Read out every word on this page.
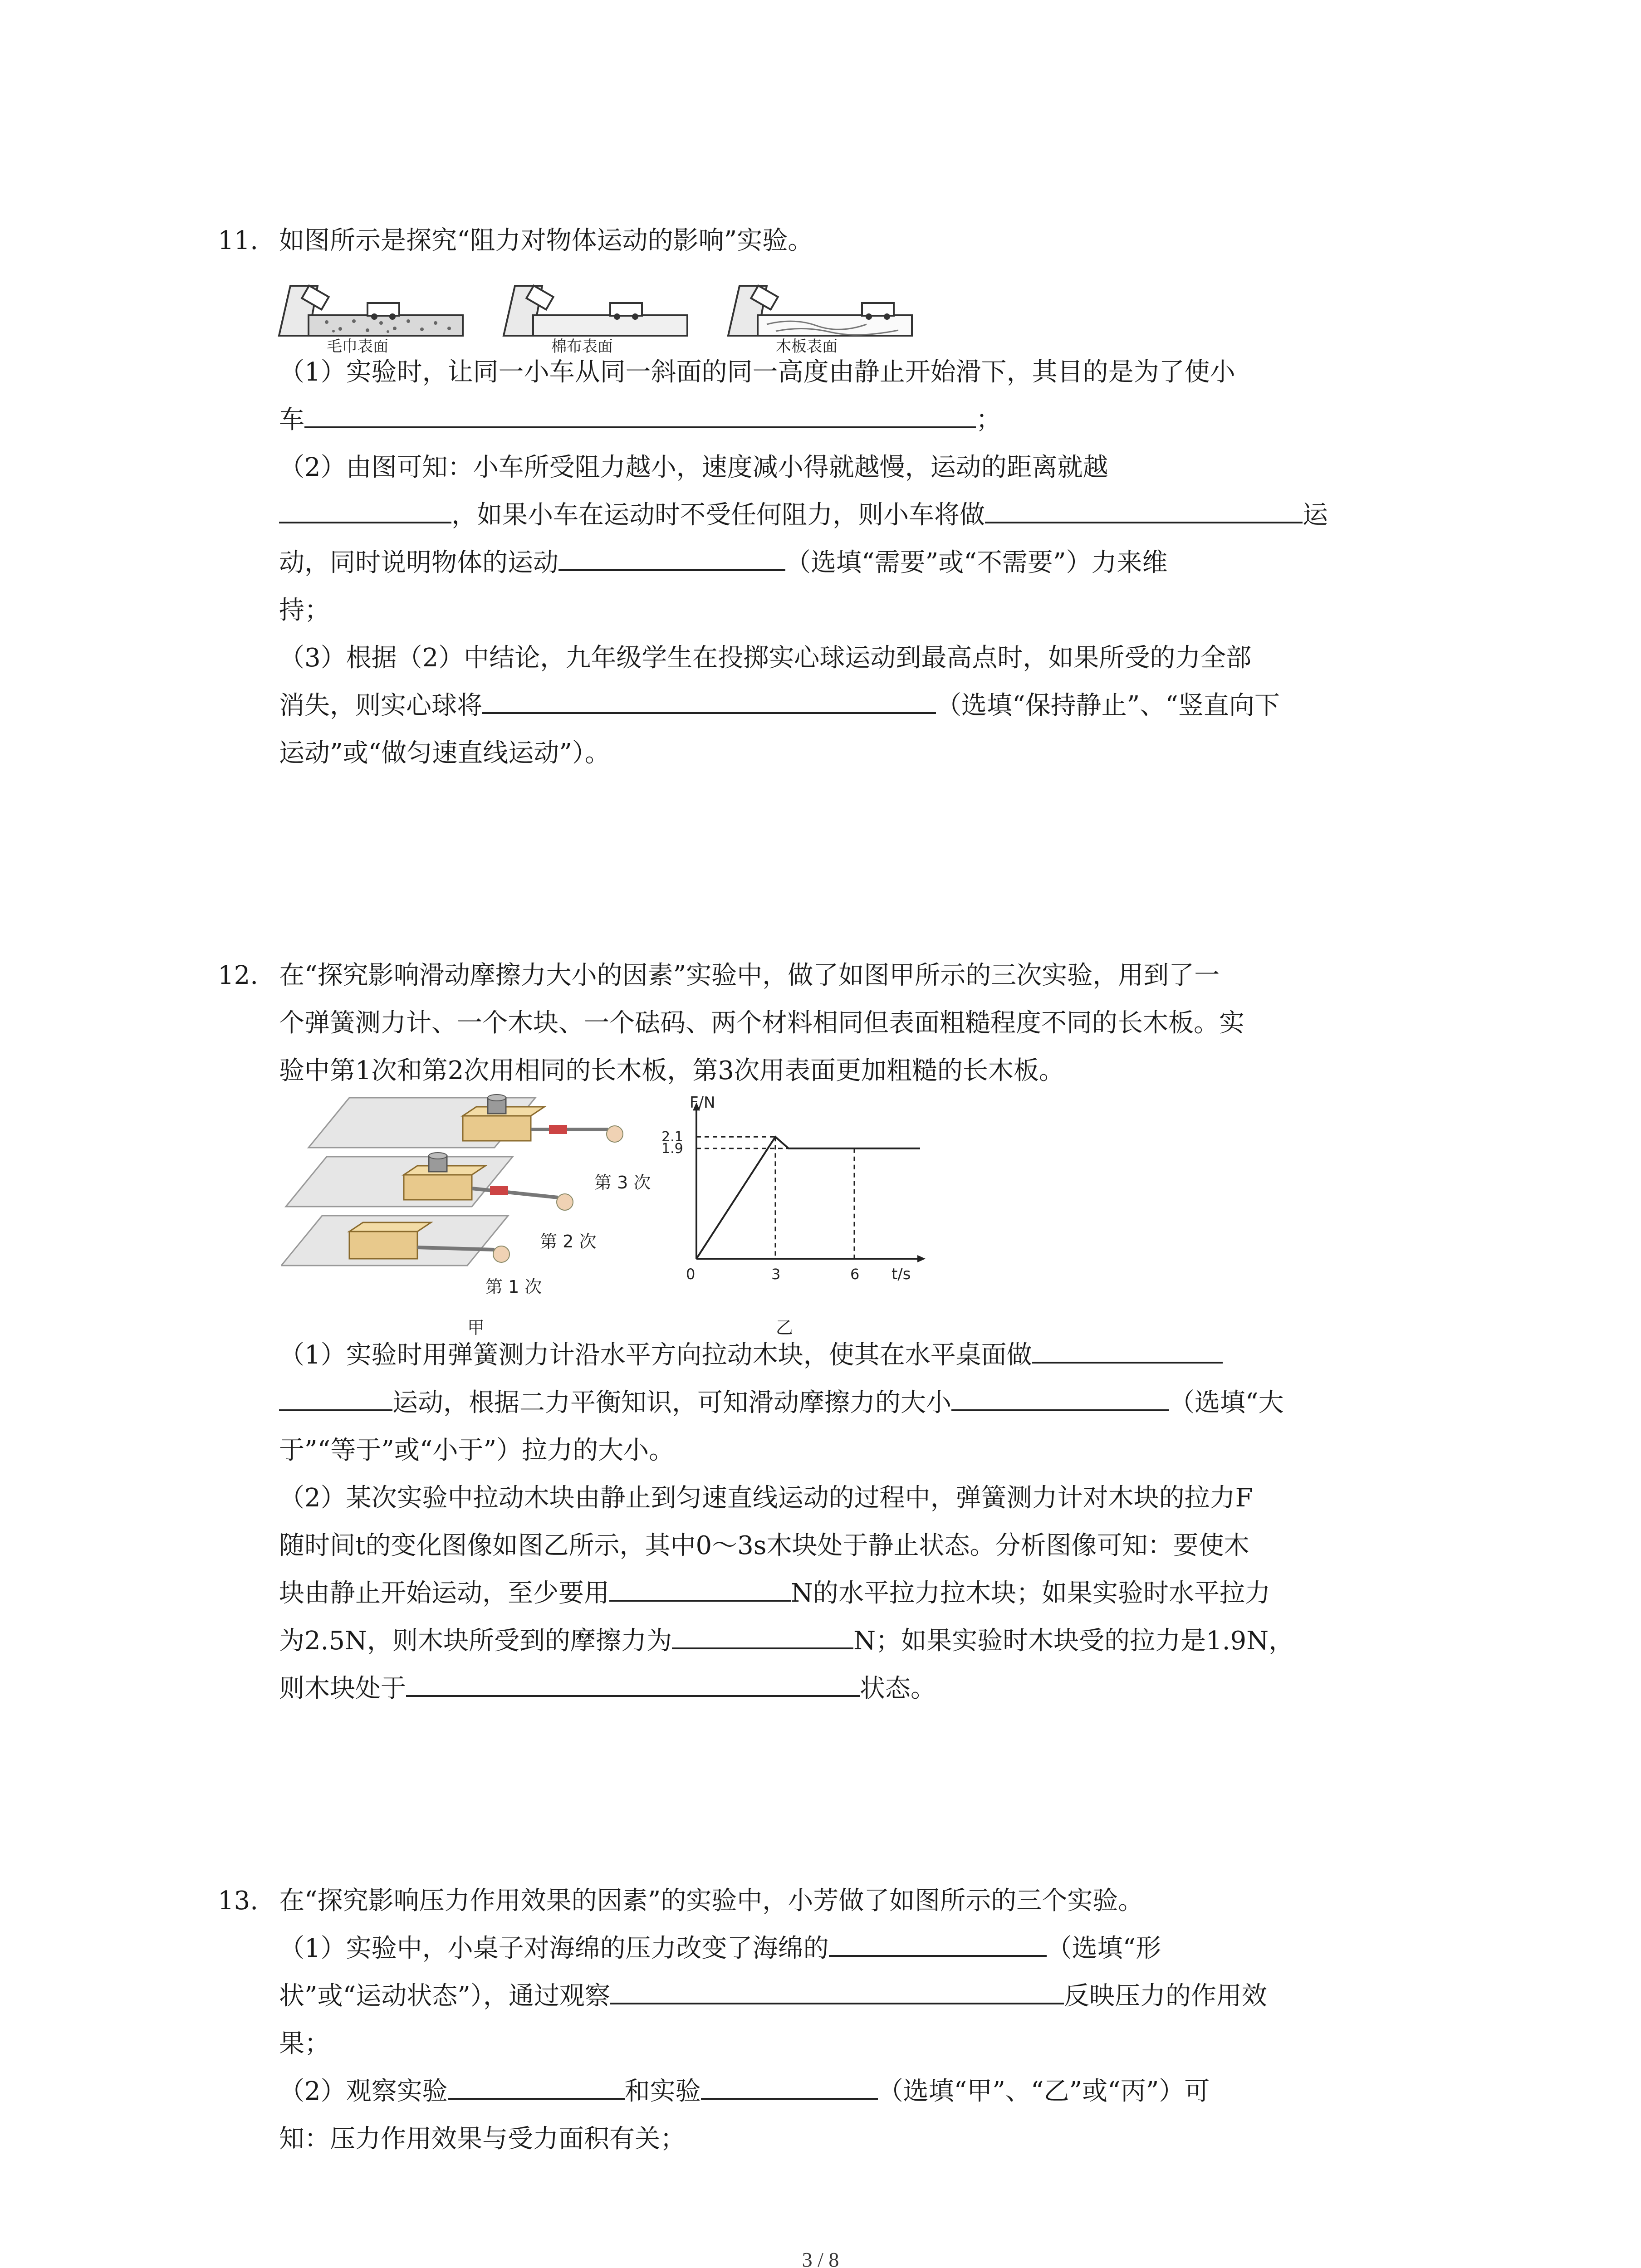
11. 如图所示是探究“阻力对物体运动的影响”实验。
毛巾表面	棉布表面	木板表面
（1）实验时，让同一小车从同一斜面的同一高度由静止开始滑下，其目的是为了使小
车	；
（2）由图可知：小车所受阻力越小，速度减小得就越慢，运动的距离就越
，如果小车在运动时不受任何阻力，则小车将做	运
动，同时说明物体的运动	（选填“需要”或“不需要”）力来维
持；
（3）根据（2）中结论，九年级学生在投掷实心球运动到最高点时，如果所受的力全部
消失，则实心球将	（选填“保持静止”、“竖直向下
运动”或“做匀速直线运动”）。
12. 在“探究影响滑动摩擦力大小的因素”实验中，做了如图甲所示的三次实验，用到了一
个弹簧测力计、一个木块、一个砝码、两个材料相同但表面粗糙程度不同的长木板。实
验中第1次和第2次用相同的长木板，第3次用表面更加粗糙的长木板。
第 3 次
第 2 次
第 1 次
甲
F/N
t/s
0
2.1
1.9
3	6
乙
（1）实验时用弹簧测力计沿水平方向拉动木块，使其在水平桌面做
运动，根据二力平衡知识，可知滑动摩擦力的大小	（选填“大
于”“等于”或“小于”）拉力的大小。
（2）某次实验中拉动木块由静止到匀速直线运动的过程中，弹簧测力计对木块的拉力F
随时间t的变化图像如图乙所示，其中0～3s木块处于静止状态。分析图像可知：要使木
块由静止开始运动，至少要用	N的水平拉力拉木块；如果实验时水平拉力
为2.5N，则木块所受到的摩擦力为	N；如果实验时木块受的拉力是1.9N，
则木块处于	状态。
13. 在“探究影响压力作用效果的因素”的实验中，小芳做了如图所示的三个实验。
（1）实验中，小桌子对海绵的压力改变了海绵的	（选填“形
状”或“运动状态”），通过观察	反映压力的作用效
果；
（2）观察实验	和实验	（选填“甲”、“乙”或“丙”）可
知：压力作用效果与受力面积有关；
3 / 8
